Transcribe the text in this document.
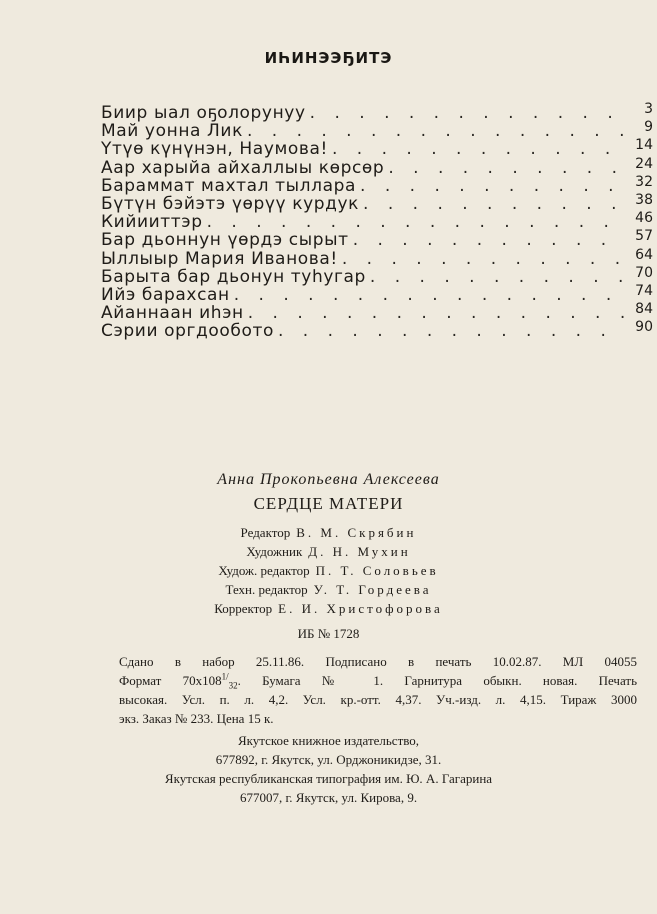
ИҺИНЭЭҔИТЭ
Биир ыал оҕолорунуу . . .	3
Май уонна Лик . . .	9
Үтүө күнүнэн, Наумова! . . .	14
Аар харыйа айхаллыы көрсөр . . .	24
Бараммат махтал тыллара . . .	32
Бүтүн бэйэтэ үөрүү курдук . . .	38
Кийииттэр . . .	46
Бар дьоннун үөрдэ сырыт . . .	57
Ыллыыр Мария Иванова! . . .	64
Барыта бар дьонун туһугар . . .	70
Ийэ барахсан . . .	74
Айаннаан иһэн . . .	84
Сэрии оргдообото . . .	90
Анна Прокопьевна Алексеева
СЕРДЦЕ МАТЕРИ
Редактор В. М. Скрябин
Художник Д. Н. Мухин
Худож. редактор П. Т. Соловьев
Техн. редактор У. Т. Гордеева
Корректор Е. И. Христофорова
ИБ № 1728
Сдано в набор 25.11.86. Подписано в печать 10.02.87. МЛ 04055
Формат $70х108^{1/}_{32}$. Бумага № 1. Гарнитура обыкн. новая. Печать
высокая. Усл. п. л. 4,2. Усл. кр.-отт. 4,37. Уч.-изд. л. 4,15. Тираж 3000
экз. Заказ № 233. Цена 15 к.
Якутское книжное издательство,
677892, г. Якутск, ул. Орджоникидзе, 31.
Якутская республиканская типография им. Ю. А. Гагарина
677007, г. Якутск, ул. Кирова, 9.
